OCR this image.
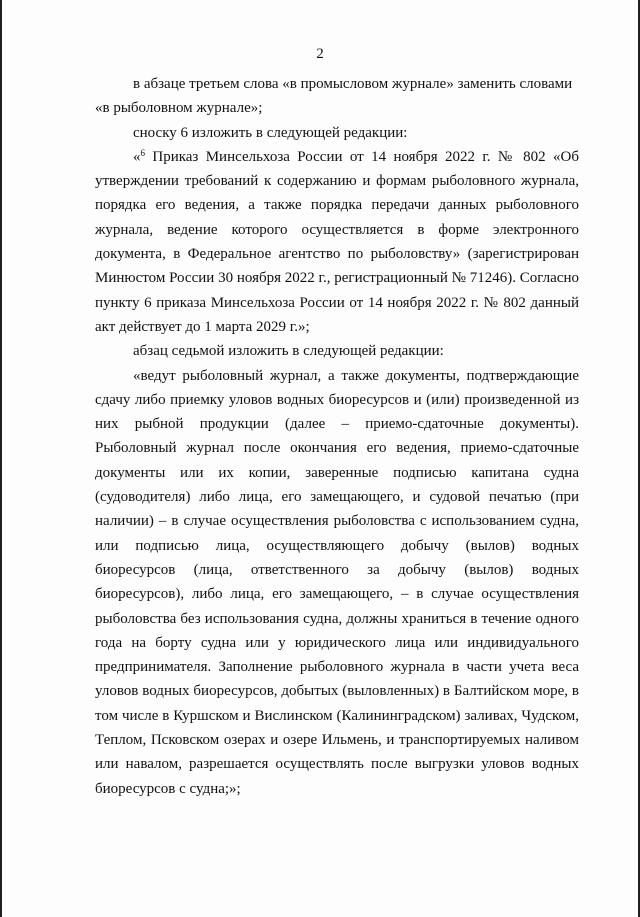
2

в абзаце третьем слова «в промысловом журнале» заменить словами

«в рыболовном журнале»;

сноску 6 изложить в следующей редакции:

«$^6$ Приказ Минсельхоза России от 14 ноября 2022 г. № 802 «Об утверждении требований к содержанию и формам рыболовного журнала, порядка его ведения, а также порядка передачи данных рыболовного журнала, ведение которого осуществляется в форме электронного документа, в Федеральное агентство по рыболовству» (зарегистрирован Минюстом России 30 ноября 2022 г., регистрационный № 71246). Согласно пункту 6 приказа Минсельхоза России от 14 ноября 2022 г. № 802 данный акт действует до 1 марта 2029 г.»;

абзац седьмой изложить в следующей редакции:

«ведут рыболовный журнал, а также документы, подтверждающие сдачу либо приемку уловов водных биоресурсов и (или) произведенной из них рыбной продукции (далее – приемо-сдаточные документы). Рыболовный журнал после окончания его ведения, приемо-сдаточные документы или их копии, заверенные подписью капитана судна (судоводителя) либо лица, его замещающего, и судовой печатью (при наличии) – в случае осуществления рыболовства с использованием судна, или подписью лица, осуществляющего добычу (вылов) водных биоресурсов (лица, ответственного за добычу (вылов) водных биоресурсов), либо лица, его замещающего, – в случае осуществления рыболовства без использования судна, должны храниться в течение одного года на борту судна или у юридического лица или индивидуального предпринимателя. Заполнение рыболовного журнала в части учета веса уловов водных биоресурсов, добытых (выловленных) в Балтийском море, в том числе в Куршском и Вислинском (Калининградском) заливах, Чудском, Теплом, Псковском озерах и озере Ильмень, и транспортируемых наливом или навалом, разрешается осуществлять после выгрузки уловов водных биоресурсов с судна;»;
